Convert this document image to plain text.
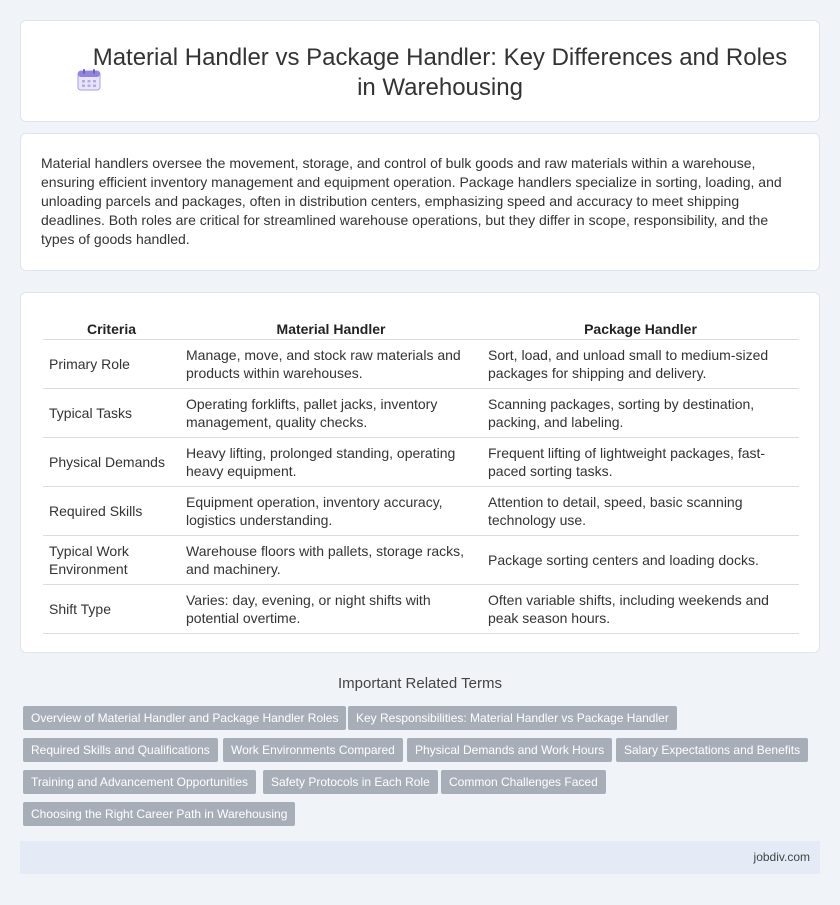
Material Handler vs Package Handler: Key Differences and Roles in Warehousing

Material handlers oversee the movement, storage, and control of bulk goods and raw materials within a warehouse, ensuring efficient inventory management and equipment operation. Package handlers specialize in sorting, loading, and unloading parcels and packages, often in distribution centers, emphasizing speed and accuracy to meet shipping deadlines. Both roles are critical for streamlined warehouse operations, but they differ in scope, responsibility, and the types of goods handled.

Criteria	Material Handler	Package Handler
Primary Role	Manage, move, and stock raw materials and products within warehouses.	Sort, load, and unload small to medium-sized packages for shipping and delivery.
Typical Tasks	Operating forklifts, pallet jacks, inventory management, quality checks.	Scanning packages, sorting by destination, packing, and labeling.
Physical Demands	Heavy lifting, prolonged standing, operating heavy equipment.	Frequent lifting of lightweight packages, fast-paced sorting tasks.
Required Skills	Equipment operation, inventory accuracy, logistics understanding.	Attention to detail, speed, basic scanning technology use.
Typical Work Environment	Warehouse floors with pallets, storage racks, and machinery.	Package sorting centers and loading docks.
Shift Type	Varies: day, evening, or night shifts with potential overtime.	Often variable shifts, including weekends and peak season hours.
Important Related Terms
Overview of Material Handler and Package Handler Roles	Key Responsibilities: Material Handler vs Package Handler
Required Skills and Qualifications	Work Environments Compared	Physical Demands and Work Hours	Salary Expectations and Benefits
Training and Advancement Opportunities	Safety Protocols in Each Role	Common Challenges Faced
Choosing the Right Career Path in Warehousing
jobdiv.com
